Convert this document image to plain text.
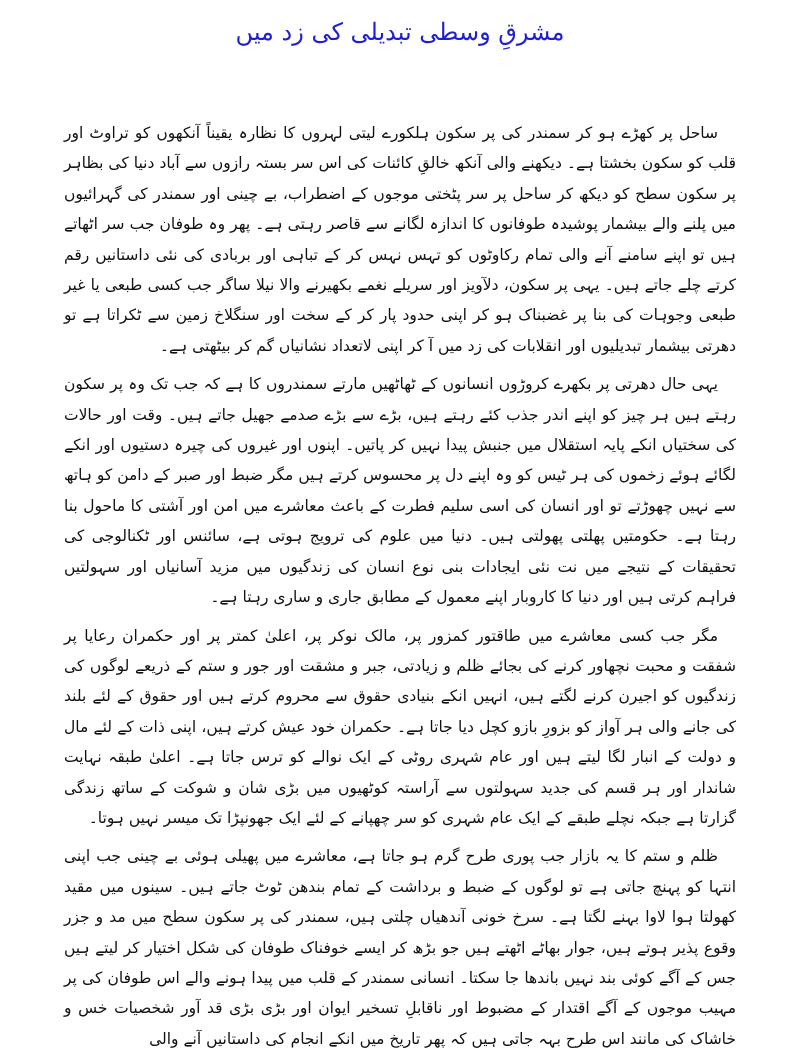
مشرقِ وسطی تبدیلی کی زد میں

ساحل پر کھڑے ہو کر سمندر کی پر سکون ہلکورے لیتی لہروں کا نظارہ یقیناً آنکھوں کو تراوٹ اور قلب کو سکون بخشتا ہے۔ دیکھنے والی آنکھ خالقِ کائنات کی اس سر بستہ رازوں سے آباد دنیا کی بظاہر پر سکون سطح کو دیکھ کر ساحل پر سر پٹختی موجوں کے اضطراب، بے چینی اور سمندر کی گہرائیوں میں پلنے والے بیشمار پوشیدہ طوفانوں کا اندازہ لگانے سے قاصر رہتی ہے۔ پھر وہ طوفان جب سر اٹھاتے ہیں تو اپنے سامنے آنے والی تمام رکاوٹوں کو تہس نہس کر کے تباہی اور بربادی کی نئی داستانیں رقم کرتے چلے جاتے ہیں۔ یہی پر سکون، دلآویز اور سریلے نغمے بکھیرنے والا نیلا ساگر جب کسی طبعی یا غیر طبعی وجوہات کی بنا پر غضبناک ہو کر اپنی حدود پار کر کے سخت اور سنگلاخ زمین سے ٹکراتا ہے تو دھرتی بیشمار تبدیلیوں اور انقلابات کی زد میں آ کر اپنی لاتعداد نشانیاں گم کر بیٹھتی ہے۔

یہی حال دھرتی پر بکھرے کروڑوں انسانوں کے ٹھاٹھیں مارتے سمندروں کا ہے کہ جب تک وہ پر سکون رہتے ہیں ہر چیز کو اپنے اندر جذب کئے رہتے ہیں، بڑے سے بڑے صدمے جھیل جاتے ہیں۔ وقت اور حالات کی سختیاں انکے پایہ استقلال میں جنبش پیدا نہیں کر پاتیں۔ اپنوں اور غیروں کی چیرہ دستیوں اور انکے لگائے ہوئے زخموں کی ہر ٹیس کو وہ اپنے دل پر محسوس کرتے ہیں مگر ضبط اور صبر کے دامن کو ہاتھ سے نہیں چھوڑتے تو اور انسان کی اسی سلیم فطرت کے باعث معاشرے میں امن اور آشتی کا ماحول بنا رہتا ہے۔ حکومتیں پھلتی پھولتی ہیں۔ دنیا میں علوم کی ترویج ہوتی ہے، سائنس اور ٹکنالوجی کی تحقیقات کے نتیجے میں نت نئی ایجادات بنی نوع انسان کی زندگیوں میں مزید آسانیاں اور سہولتیں فراہم کرتی ہیں اور دنیا کا کاروبار اپنے معمول کے مطابق جاری و ساری رہتا ہے۔

مگر جب کسی معاشرے میں طاقتور کمزور پر، مالک نوکر پر، اعلیٰ کمتر پر اور حکمران رعایا پر شفقت و محبت نچھاور کرنے کی بجائے ظلم و زیادتی، جبر و مشقت اور جور و ستم کے ذریعے لوگوں کی زندگیوں کو اجیرن کرنے لگتے ہیں، انہیں انکے بنیادی حقوق سے محروم کرتے ہیں اور حقوق کے لئے بلند کی جانے والی ہر آواز کو بزورِ بازو کچل دیا جاتا ہے۔ حکمران خود عیش کرتے ہیں، اپنی ذات کے لئے مال و دولت کے انبار لگا لیتے ہیں اور عام شہری روٹی کے ایک نوالے کو ترس جاتا ہے۔ اعلیٰ طبقہ نہایت شاندار اور ہر قسم کی جدید سہولتوں سے آراستہ کوٹھیوں میں بڑی شان و شوکت کے ساتھ زندگی گزارتا ہے جبکہ نچلے طبقے کے ایک عام شہری کو سر چھپانے کے لئے ایک جھونپڑا تک میسر نہیں ہوتا۔

ظلم و ستم کا یہ بازار جب پوری طرح گرم ہو جاتا ہے، معاشرے میں پھیلی ہوئی بے چینی جب اپنی انتہا کو پہنچ جاتی ہے تو لوگوں کے ضبط و برداشت کے تمام بندھن ٹوٹ جاتے ہیں۔ سینوں میں مقید کھولتا ہوا لاوا بہنے لگتا ہے۔ سرخ خونی آندھیاں چلتی ہیں، سمندر کی پر سکون سطح میں مد و جزر وقوع پذیر ہوتے ہیں، جوار بھاٹے اٹھتے ہیں جو بڑھ کر ایسے خوفناک طوفان کی شکل اختیار کر لیتے ہیں جس کے آگے کوئی بند نہیں باندھا جا سکتا۔ انسانی سمندر کے قلب میں پیدا ہونے والے اس طوفان کی پر مہیب موجوں کے آگے اقتدار کے مضبوط اور ناقابلِ تسخیر ایوان اور بڑی بڑی قد آور شخصیات خس و خاشاک کی مانند اس طرح بہہ جاتی ہیں کہ پھر تاریخ میں انکے انجام کی داستانیں آنے والی
